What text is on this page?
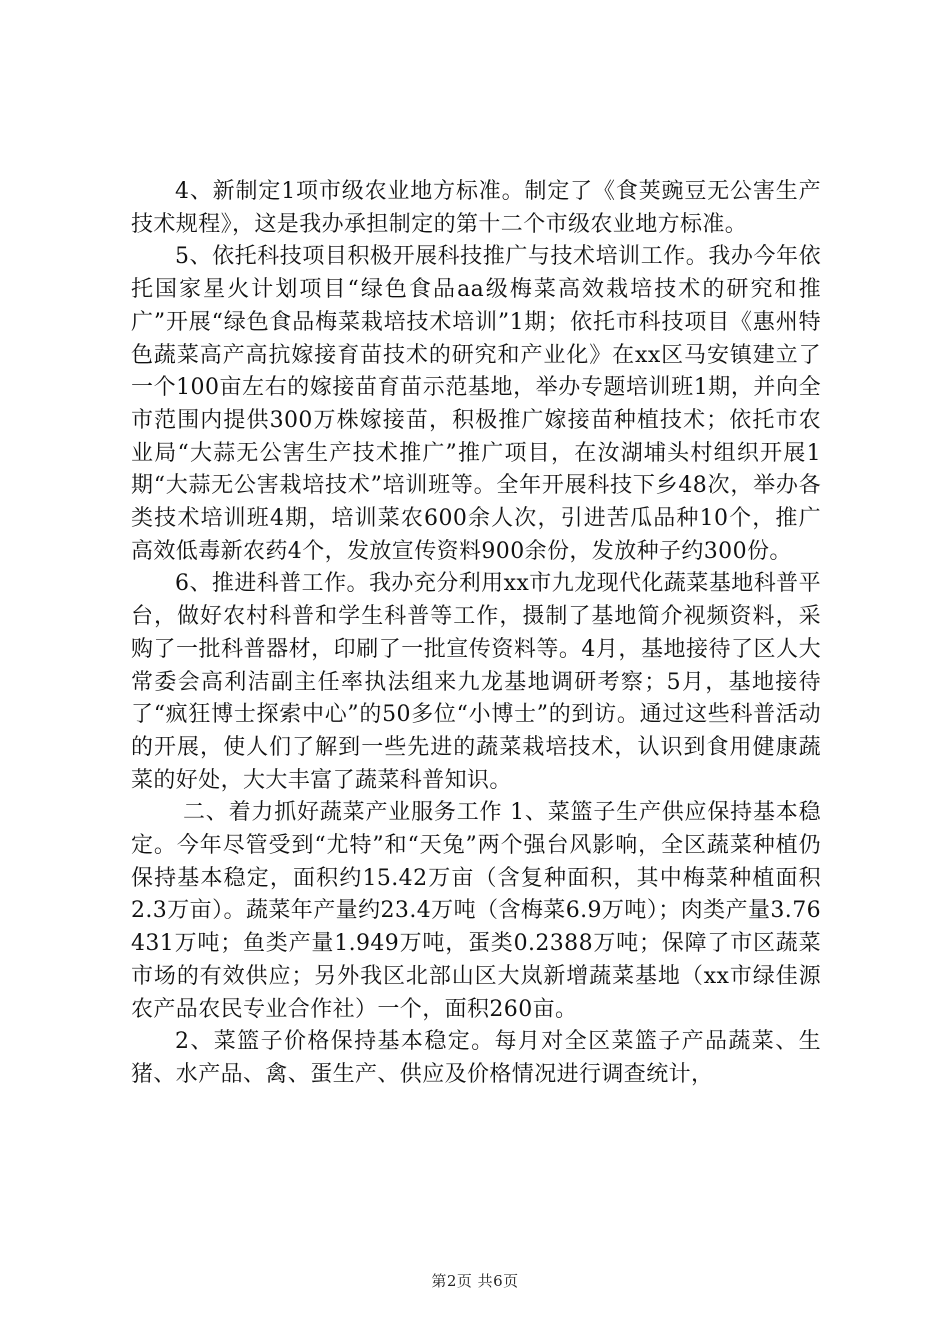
4、新制定1项市级农业地方标准。制定了《食荚豌豆无公害生产技术规程》，这是我办承担制定的第十二个市级农业地方标准。

5、依托科技项目积极开展科技推广与技术培训工作。我办今年依托国家星火计划项目“绿色食品aa级梅菜高效栽培技术的研究和推广”开展“绿色食品梅菜栽培技术培训”1期；依托市科技项目《惠州特色蔬菜高产高抗嫁接育苗技术的研究和产业化》在xx区马安镇建立了一个100亩左右的嫁接苗育苗示范基地，举办专题培训班1期，并向全市范围内提供300万株嫁接苗，积极推广嫁接苗种植技术；依托市农业局“大蒜无公害生产技术推广”推广项目，在汝湖埔头村组织开展1期“大蒜无公害栽培技术”培训班等。全年开展科技下乡48次，举办各类技术培训班4期，培训菜农600余人次，引进苦瓜品种10个，推广高效低毒新农药4个，发放宣传资料900余份，发放种子约300份。

6、推进科普工作。我办充分利用xx市九龙现代化蔬菜基地科普平台，做好农村科普和学生科普等工作，摄制了基地简介视频资料，采购了一批科普器材，印刷了一批宣传资料等。4月，基地接待了区人大常委会高利洁副主任率执法组来九龙基地调研考察；5月，基地接待了“疯狂博士探索中心”的50多位“小博士”的到访。通过这些科普活动的开展，使人们了解到一些先进的蔬菜栽培技术，认识到食用健康蔬菜的好处，大大丰富了蔬菜科普知识。

二、着力抓好蔬菜产业服务工作 1、菜篮子生产供应保持基本稳定。今年尽管受到“尤特”和“天兔”两个强台风影响，全区蔬菜种植仍保持基本稳定，面积约15.42万亩（含复种面积，其中梅菜种植面积2.3万亩）。蔬菜年产量约23.4万吨（含梅菜6.9万吨）；肉类产量3.76431万吨；鱼类产量1.949万吨，蛋类0.2388万吨；保障了市区蔬菜市场的有效供应；另外我区北部山区大岚新增蔬菜基地（xx市绿佳源农产品农民专业合作社）一个，面积260亩。

2、菜篮子价格保持基本稳定。每月对全区菜篮子产品蔬菜、生猪、水产品、禽、蛋生产、供应及价格情况进行调查统计，

第2页 共6页
